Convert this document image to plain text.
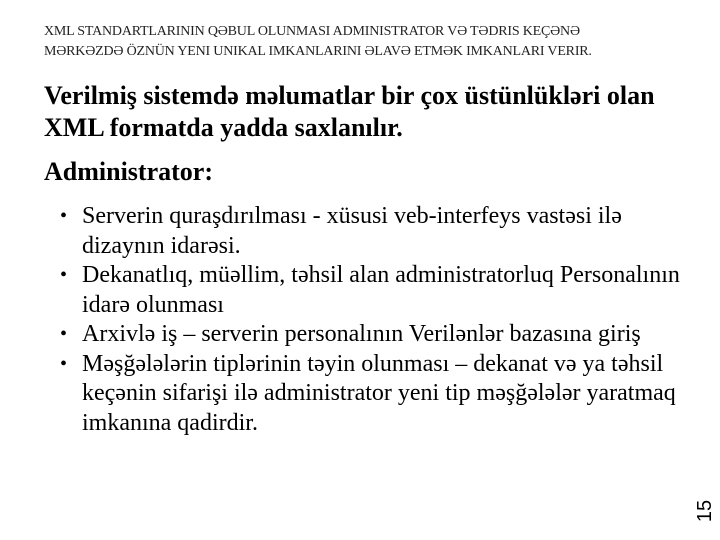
XML STANDARTLARININ QƏBUL OLUNMASI ADMINISTRATOR VƏ TƏDRIS KEÇƏNƏ
MƏRKƏZDƏ ÖZNÜN YENI UNIKAL IMKANLARINI ƏLAVƏ ETMƏK IMKANLARI VERIR.
Verilmiş sistemdə məlumatlar bir çox üstünlükləri olan XML formatda yadda saxlanılır.
Administrator:
• Serverin quraşdırılması - xüsusi veb-interfeys vastəsi ilə dizaynın idarəsi.
• Dekanatlıq, müəllim, təhsil alan administratorluq Personalının idarə olunması
• Arxivlə iş – serverin personalının Verilənlər bazasına giriş
• Məşğələlərin tiplərinin təyin olunması – dekanat və ya təhsil keçənin sifarişi ilə administrator yeni tip məşğələlər yaratmaq imkanına qadirdir.
15
